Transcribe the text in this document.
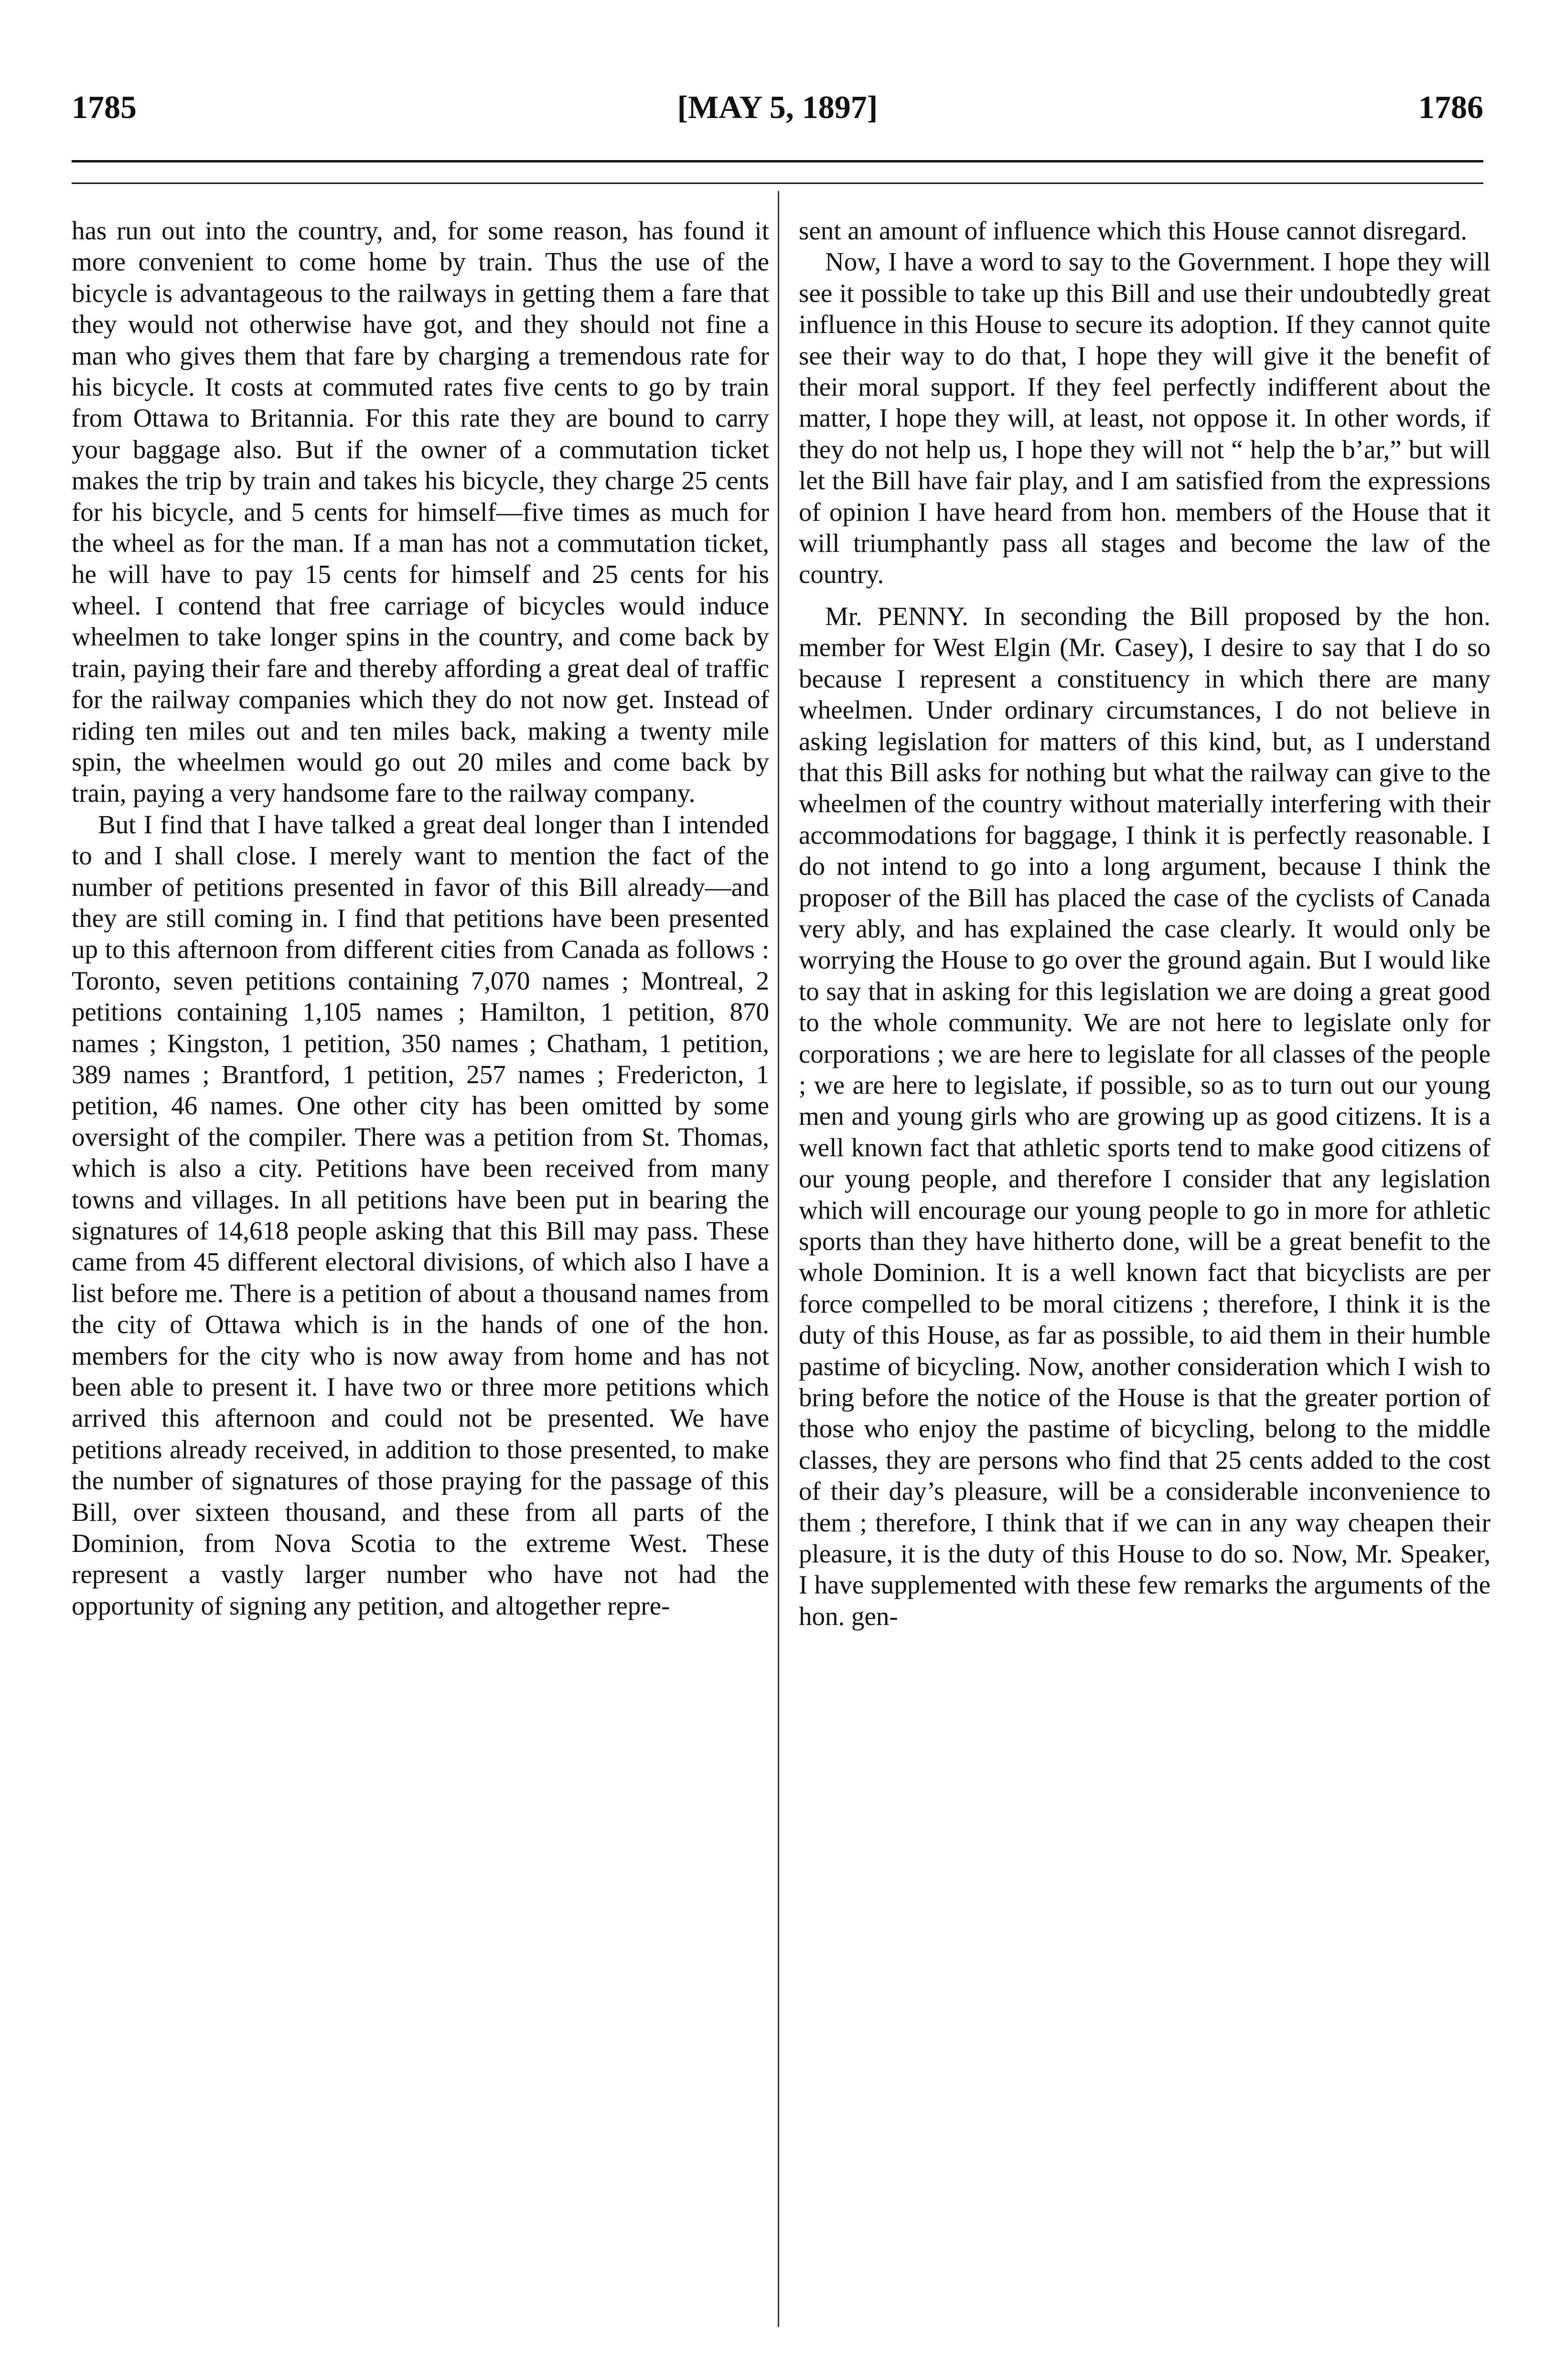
1785	[MAY 5, 1897]	1786

has run out into the country, and, for some reason, has found it more convenient to come home by train. Thus the use of the bicycle is advantageous to the railways in getting them a fare that they would not otherwise have got, and they should not fine a man who gives them that fare by charging a tremendous rate for his bicycle. It costs at commuted rates five cents to go by train from Ottawa to Britannia. For this rate they are bound to carry your baggage also. But if the owner of a commutation ticket makes the trip by train and takes his bicycle, they charge 25 cents for his bicycle, and 5 cents for himself—five times as much for the wheel as for the man. If a man has not a commutation ticket, he will have to pay 15 cents for himself and 25 cents for his wheel. I contend that free carriage of bicycles would induce wheelmen to take longer spins in the country, and come back by train, paying their fare and thereby affording a great deal of traffic for the railway companies which they do not now get. Instead of riding ten miles out and ten miles back, making a twenty mile spin, the wheelmen would go out 20 miles and come back by train, paying a very handsome fare to the railway company.

But I find that I have talked a great deal longer than I intended to and I shall close. I merely want to mention the fact of the number of petitions presented in favor of this Bill already—and they are still coming in. I find that petitions have been presented up to this afternoon from different cities from Canada as follows : Toronto, seven petitions containing 7,070 names ; Montreal, 2 petitions containing 1,105 names ; Hamilton, 1 petition, 870 names ; Kingston, 1 petition, 350 names ; Chatham, 1 petition, 389 names ; Brantford, 1 petition, 257 names ; Fredericton, 1 petition, 46 names. One other city has been omitted by some oversight of the compiler. There was a petition from St. Thomas, which is also a city. Petitions have been received from many towns and villages. In all petitions have been put in bearing the signatures of 14,618 people asking that this Bill may pass. These came from 45 different electoral divisions, of which also I have a list before me. There is a petition of about a thousand names from the city of Ottawa which is in the hands of one of the hon. members for the city who is now away from home and has not been able to present it. I have two or three more petitions which arrived this afternoon and could not be presented. We have petitions already received, in addition to those presented, to make the number of signatures of those praying for the passage of this Bill, over sixteen thousand, and these from all parts of the Dominion, from Nova Scotia to the extreme West. These represent a vastly larger number who have not had the opportunity of signing any petition, and altogether repre-

sent an amount of influence which this House cannot disregard.

Now, I have a word to say to the Government. I hope they will see it possible to take up this Bill and use their undoubtedly great influence in this House to secure its adoption. If they cannot quite see their way to do that, I hope they will give it the benefit of their moral support. If they feel perfectly indifferent about the matter, I hope they will, at least, not oppose it. In other words, if they do not help us, I hope they will not “ help the b’ar,” but will let the Bill have fair play, and I am satisfied from the expressions of opinion I have heard from hon. members of the House that it will triumphantly pass all stages and become the law of the country.

Mr. PENNY. In seconding the Bill proposed by the hon. member for West Elgin (Mr. Casey), I desire to say that I do so because I represent a constituency in which there are many wheelmen. Under ordinary circumstances, I do not believe in asking legislation for matters of this kind, but, as I understand that this Bill asks for nothing but what the railway can give to the wheelmen of the country without materially interfering with their accommodations for baggage, I think it is perfectly reasonable. I do not intend to go into a long argument, because I think the proposer of the Bill has placed the case of the cyclists of Canada very ably, and has explained the case clearly. It would only be worrying the House to go over the ground again. But I would like to say that in asking for this legislation we are doing a great good to the whole community. We are not here to legislate only for corporations ; we are here to legislate for all classes of the people ; we are here to legislate, if possible, so as to turn out our young men and young girls who are growing up as good citizens. It is a well known fact that athletic sports tend to make good citizens of our young people, and therefore I consider that any legislation which will encourage our young people to go in more for athletic sports than they have hitherto done, will be a great benefit to the whole Dominion. It is a well known fact that bicyclists are per force compelled to be moral citizens ; therefore, I think it is the duty of this House, as far as possible, to aid them in their humble pastime of bicycling. Now, another consideration which I wish to bring before the notice of the House is that the greater portion of those who enjoy the pastime of bicycling, belong to the middle classes, they are persons who find that 25 cents added to the cost of their day’s pleasure, will be a considerable inconvenience to them ; therefore, I think that if we can in any way cheapen their pleasure, it is the duty of this House to do so. Now, Mr. Speaker, I have supplemented with these few remarks the arguments of the hon. gen-
